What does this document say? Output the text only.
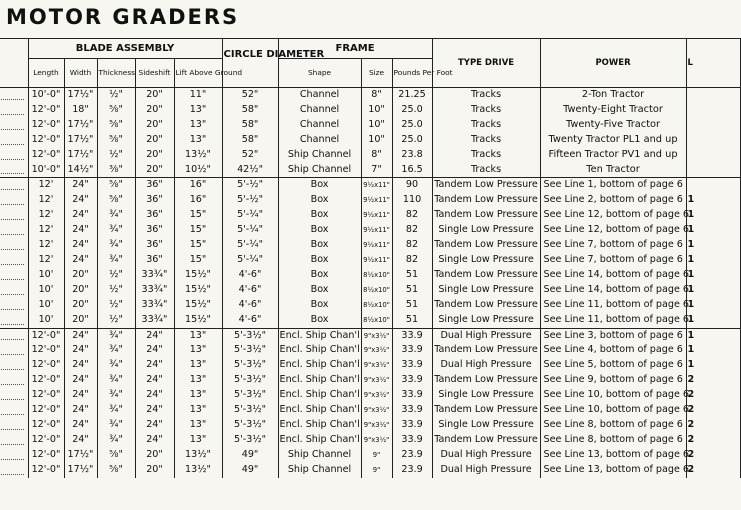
MOTOR GRADERS
	BLADE ASSEMBLY					CIRCLE DIAMETER	FRAME			TYPE DRIVE	POWER	L
	Length	Width	Thickness	Sideshift	Lift Above Ground		Shape	Size	Pounds Per Foot			

	10'-0"	17½"	½"	20"	11"	52"	Channel	8"	21.25	Tracks	2-Ton Tractor	

	12'-0"	18"	⅝"	20"	13"	58"	Channel	10"	25.0	Tracks	Twenty-Eight Tractor	

	12'-0"	17½"	⅝"	20"	13"	58"	Channel	10"	25.0	Tracks	Twenty-Five Tractor	

	12'-0"	17½"	⅝"	20"	13"	58"	Channel	10"	25.0	Tracks	Twenty Tractor PL1 and up	

	12'-0"	17½"	½"	20"	13½"	52"	Ship Channel	8"	23.8	Tracks	Fifteen Tractor PV1 and up	

	10'-0"	14½"	⅜"	20"	10½"	42½"	Ship Channel	7"	16.5	Tracks	Ten Tractor	

	12'	24"	⅝"	36"	16"	5'-½"	Box	9½x11"	90	Tandem Low Pressure	See Line 1, bottom of page 6	

	12'	24"	⅝"	36"	16"	5'-½"	Box	9½x11"	110	Tandem Low Pressure	See Line 2, bottom of page 6	1

	12'	24"	¾"	36"	15"	5'-¼"	Box	9½x11"	82	Tandem Low Pressure	See Line 12, bottom of page 6	1

	12'	24"	¾"	36"	15"	5'-¼"	Box	9½x11"	82	Single Low Pressure	See Line 12, bottom of page 6	1

	12'	24"	¾"	36"	15"	5'-¼"	Box	9½x11"	82	Tandem Low Pressure	See Line 7, bottom of page 6	1

	12'	24"	¾"	36"	15"	5'-¼"	Box	9½x11"	82	Single Low Pressure	See Line 7, bottom of page 6	1

	10'	20"	½"	33¾"	15½"	4'-6"	Box	8½x10"	51	Tandem Low Pressure	See Line 14, bottom of page 6	1

	10'	20"	½"	33¾"	15½"	4'-6"	Box	8½x10"	51	Single Low Pressure	See Line 14, bottom of page 6	1

	10'	20"	½"	33¾"	15½"	4'-6"	Box	8½x10"	51	Tandem Low Pressure	See Line 11, bottom of page 6	1

	10'	20"	½"	33¾"	15½"	4'-6"	Box	8½x10"	51	Single Low Pressure	See Line 11, bottom of page 6	1

	12'-0"	24"	¾"	24"	13"	5'-3½"	Encl. Ship Chan'l	9"x3½"	33.9	Dual High Pressure	See Line 3, bottom of page 6	1

	12'-0"	24"	¾"	24"	13"	5'-3½"	Encl. Ship Chan'l	9"x3½"	33.9	Tandem Low Pressure	See Line 4, bottom of page 6	1

	12'-0"	24"	¾"	24"	13"	5'-3½"	Encl. Ship Chan'l	9"x3½"	33.9	Dual High Pressure	See Line 5, bottom of page 6	1

	12'-0"	24"	¾"	24"	13"	5'-3½"	Encl. Ship Chan'l	9"x3½"	33.9	Tandem Low Pressure	See Line 9, bottom of page 6	2

	12'-0"	24"	¾"	24"	13"	5'-3½"	Encl. Ship Chan'l	9"x3½"	33.9	Single Low Pressure	See Line 10, bottom of page 6	2

	12'-0"	24"	¾"	24"	13"	5'-3½"	Encl. Ship Chan'l	9"x3½"	33.9	Tandem Low Pressure	See Line 10, bottom of page 6	2

	12'-0"	24"	¾"	24"	13"	5'-3½"	Encl. Ship Chan'l	9"x3½"	33.9	Single Low Pressure	See Line 8, bottom of page 6	2

	12'-0"	24"	¾"	24"	13"	5'-3½"	Encl. Ship Chan'l	9"x3½"	33.9	Tandem Low Pressure	See Line 8, bottom of page 6	2

	12'-0"	17½"	⅝"	20"	13½"	49"	Ship Channel	9"	23.9	Dual High Pressure	See Line 13, bottom of page 6	2

	12'-0"	17½"	⅝"	20"	13½"	49"	Ship Channel	9"	23.9	Dual High Pressure	See Line 13, bottom of page 6	2
